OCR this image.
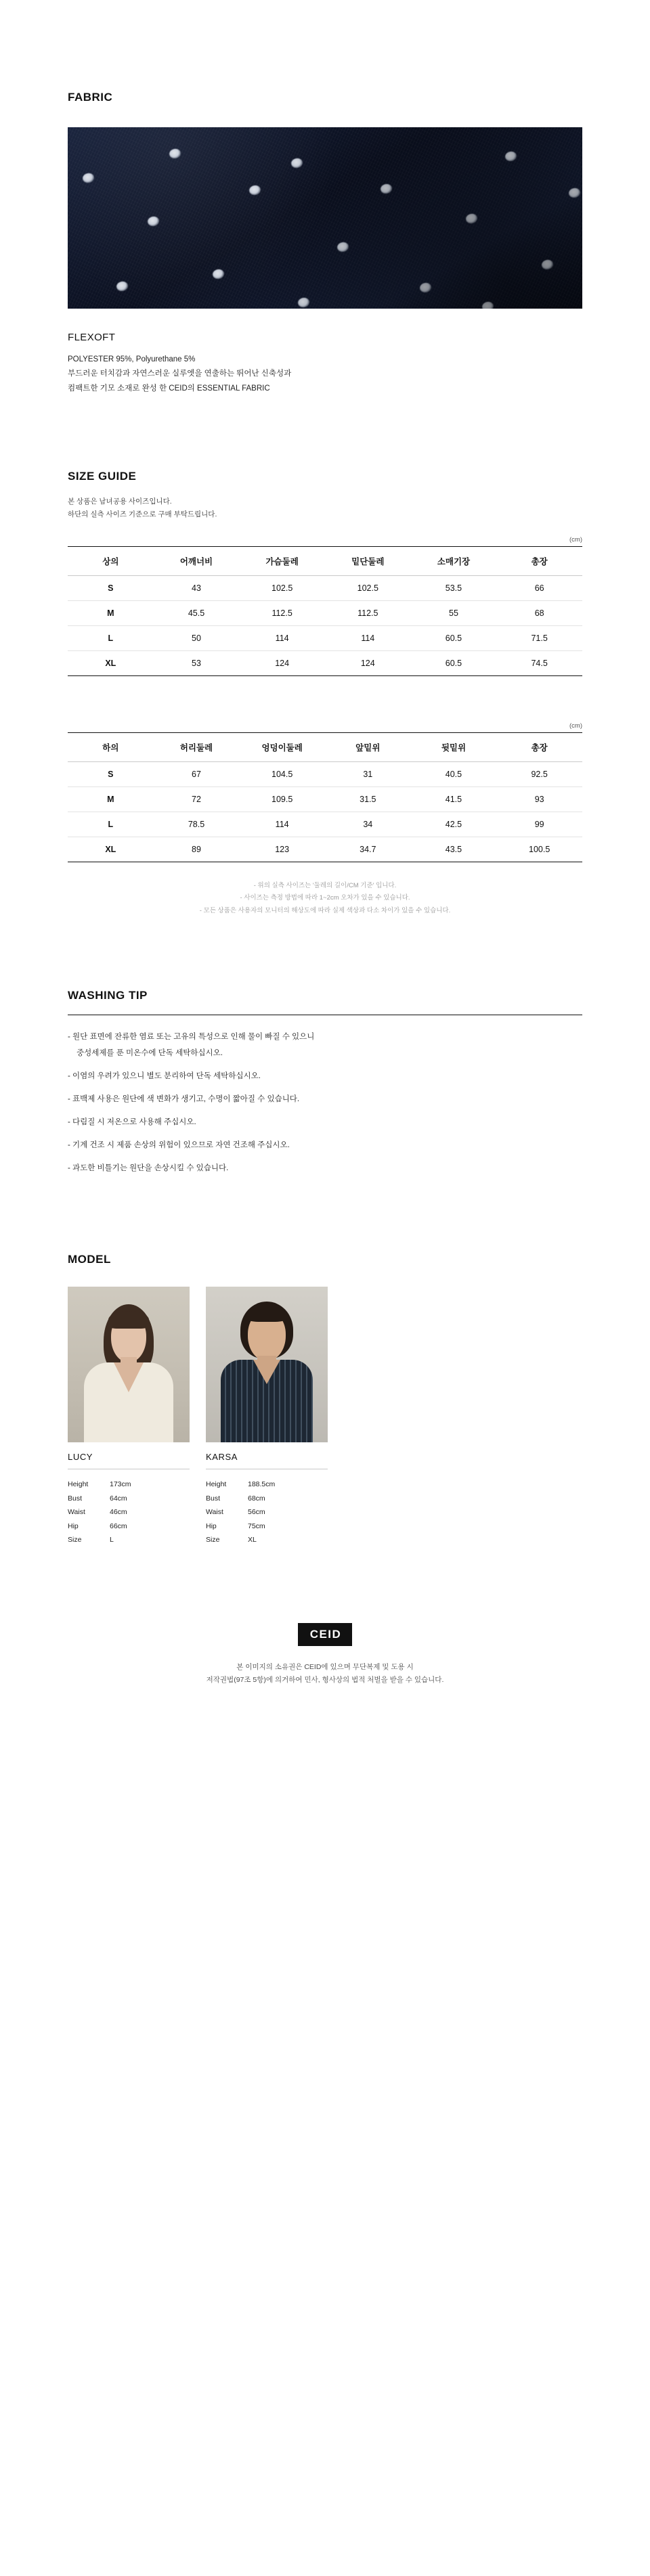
FABRIC
FLEXOFT
POLYESTER 95%, Polyurethane 5%
부드러운 터치감과 자연스러운 실루엣을 연출하는 뛰어난 신축성과
컴팩트한 기모 소재로 완성 한 CEID의 ESSENTIAL FABRIC
SIZE GUIDE
본 상품은 남녀공용 사이즈입니다.
하단의 실측 사이즈 기준으로 구매 부탁드립니다.
(cm)
상의	어깨너비	가슴둘레	밑단둘레	소매기장	총장
S	43	102.5	102.5	53.5	66
M	45.5	112.5	112.5	55	68
L	50	114	114	60.5	71.5
XL	53	124	124	60.5	74.5
(cm)
하의	허리둘레	엉덩이둘레	앞밑위	뒷밑위	총장
S	67	104.5	31	40.5	92.5
M	72	109.5	31.5	41.5	93
L	78.5	114	34	42.5	99
XL	89	123	34.7	43.5	100.5
- 위의 실측 사이즈는 '둘레의 길이/CM 기준' 입니다.
- 사이즈는 측정 방법에 따라 1~2cm 오차가 있을 수 있습니다.
- 모든 상품은 사용자의 모니터의 해상도에 따라 실제 색상과 다소 차이가 있을 수 있습니다.
WASHING TIP
- 원단 표면에 잔류한 염료 또는 고유의 특성으로 인해 물이 빠질 수 있으니
중성세제를 푼 미온수에 단독 세탁하십시오.
- 이염의 우려가 있으니 별도 분리하여 단독 세탁하십시오.
- 표백제 사용은 원단에 색 변화가 생기고, 수명이 짧아질 수 있습니다.
- 다림질 시 저온으로 사용해 주십시오.
- 기계 건조 시 제품 손상의 위험이 있으므로 자연 건조해 주십시오.
- 과도한 비틀기는 원단을 손상시킬 수 있습니다.
MODEL
LUCY
Height	173cm
Bust	64cm
Waist	46cm
Hip	66cm
Size	L
KARSA
Height	188.5cm
Bust	68cm
Waist	56cm
Hip	75cm
Size	XL
CEID
본 이미지의 소유권은 CEID에 있으며 무단복제 및 도용 시
저작권법(97조 5항)에 의거하여 민사, 형사상의 법적 처벌을 받을 수 있습니다.
